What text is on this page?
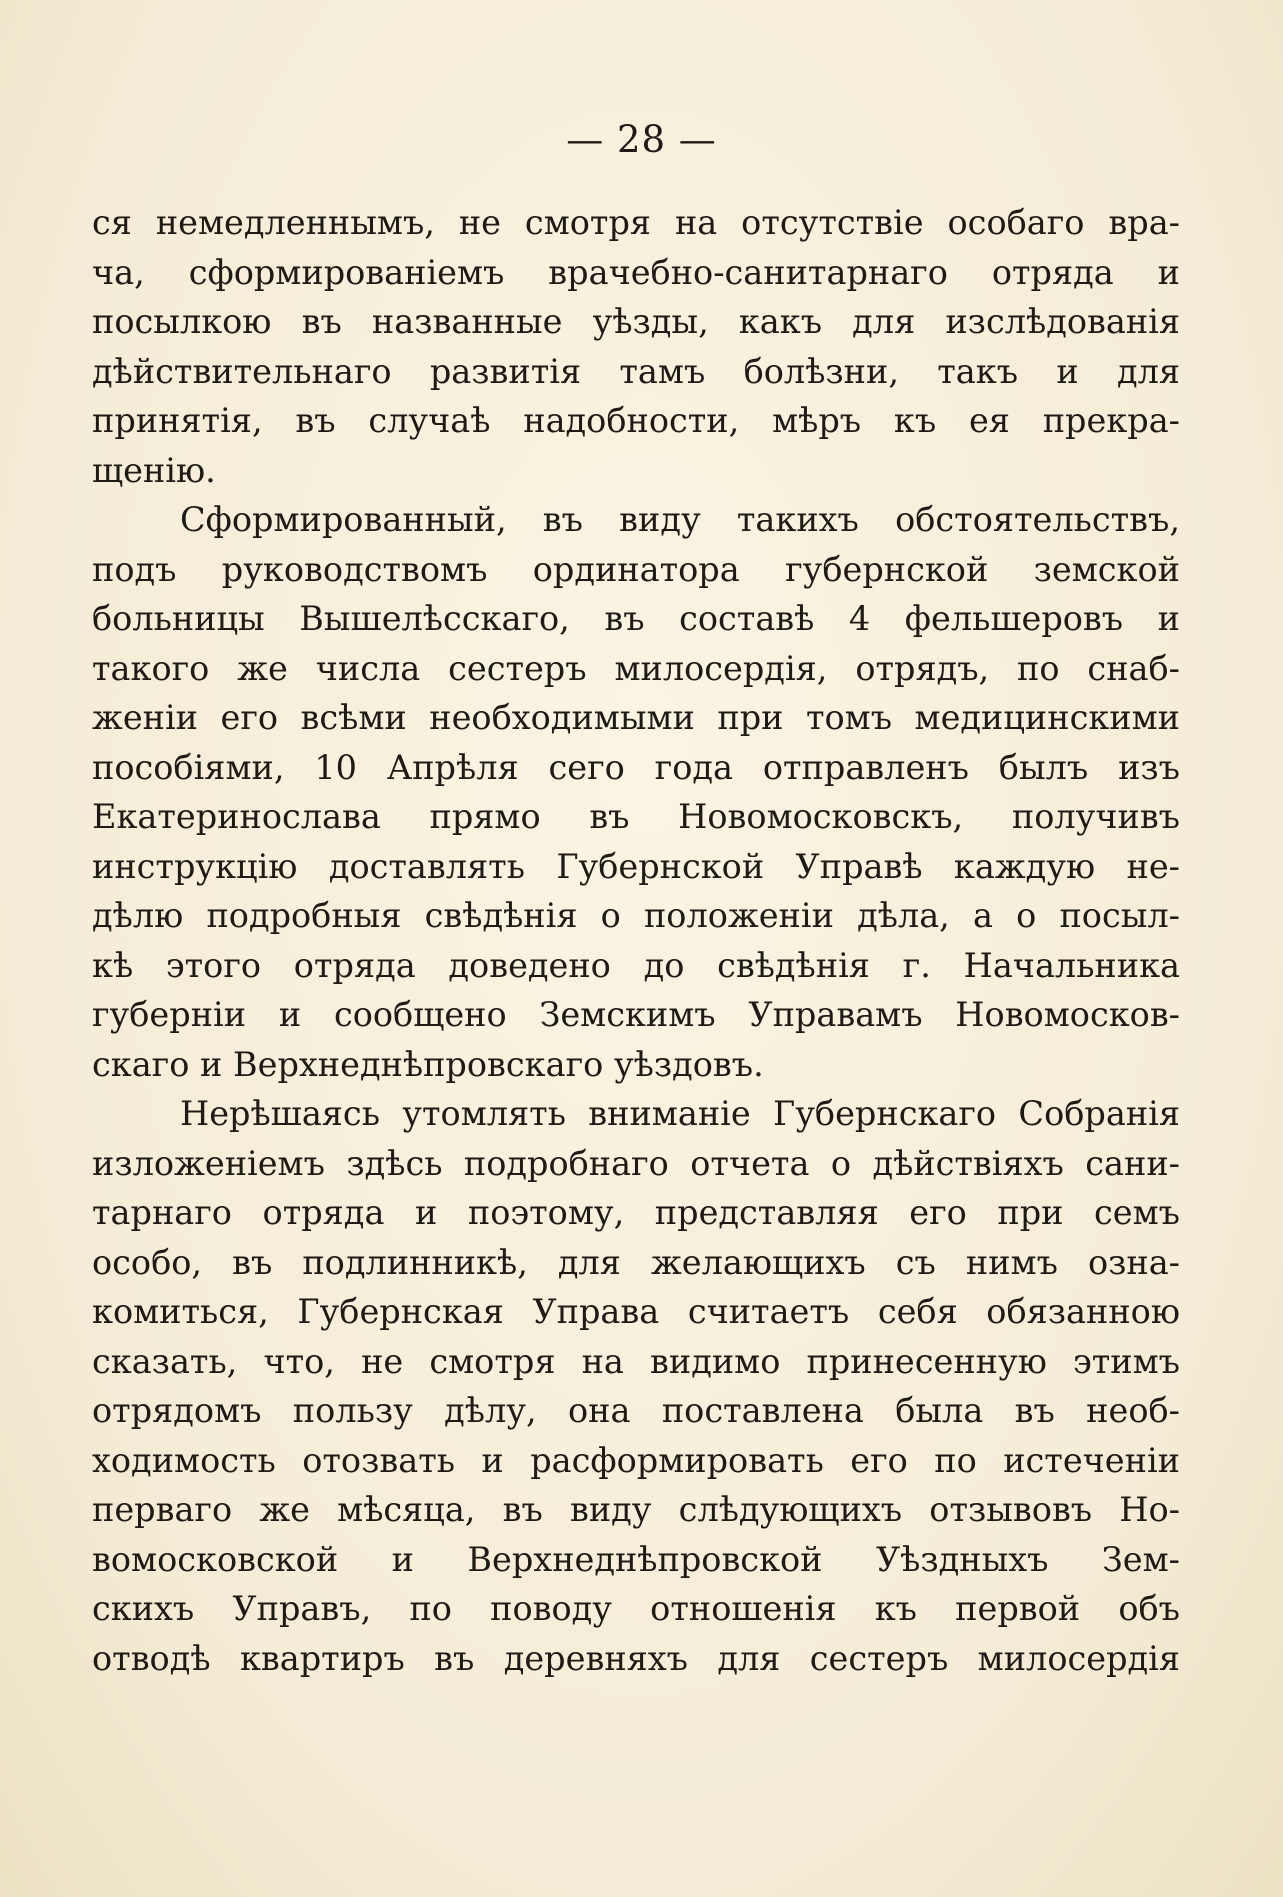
— 28 —
ся немедленнымъ, не смотря на отсутствіе особаго вра-
ча, сформированіемъ врачебно-санитарнаго отряда и
посылкою въ названные уѣзды, какъ для изслѣдованія
дѣйствительнаго развитія тамъ болѣзни, такъ и для
принятія, въ случаѣ надобности, мѣръ къ ея прекра-
щенію.
Сформированный, въ виду такихъ обстоятельствъ,
подъ руководствомъ ординатора губернской земской
больницы Вышелѣсскаго, въ составѣ 4 фельшеровъ и
такого же числа сестеръ милосердія, отрядъ, по снаб-
женіи его всѣми необходимыми при томъ медицинскими
пособіями, 10 Апрѣля сего года отправленъ былъ изъ
Екатеринослава прямо въ Новомосковскъ, получивъ
инструкцію доставлять Губернской Управѣ каждую не-
дѣлю подробныя свѣдѣнія о положеніи дѣла, а о посыл-
кѣ этого отряда доведено до свѣдѣнія г. Начальника
губерніи и сообщено Земскимъ Управамъ Новомосков-
скаго и Верхнеднѣпровскаго уѣздовъ.
Нерѣшаясь утомлять вниманіе Губернскаго Собранія
изложеніемъ здѣсь подробнаго отчета о дѣйствіяхъ сани-
тарнаго отряда и поэтому, представляя его при семъ
особо, въ подлинникѣ, для желающихъ съ нимъ озна-
комиться, Губернская Управа считаетъ себя обязанною
сказать, что, не смотря на видимо принесенную этимъ
отрядомъ пользу дѣлу, она поставлена была въ необ-
ходимость отозвать и расформировать его по истеченіи
перваго же мѣсяца, въ виду слѣдующихъ отзывовъ Но-
вомосковской и Верхнеднѣпровской Уѣздныхъ Зем-
скихъ Управъ, по поводу отношенія къ первой объ
отводѣ квартиръ въ деревняхъ для сестеръ милосердія
